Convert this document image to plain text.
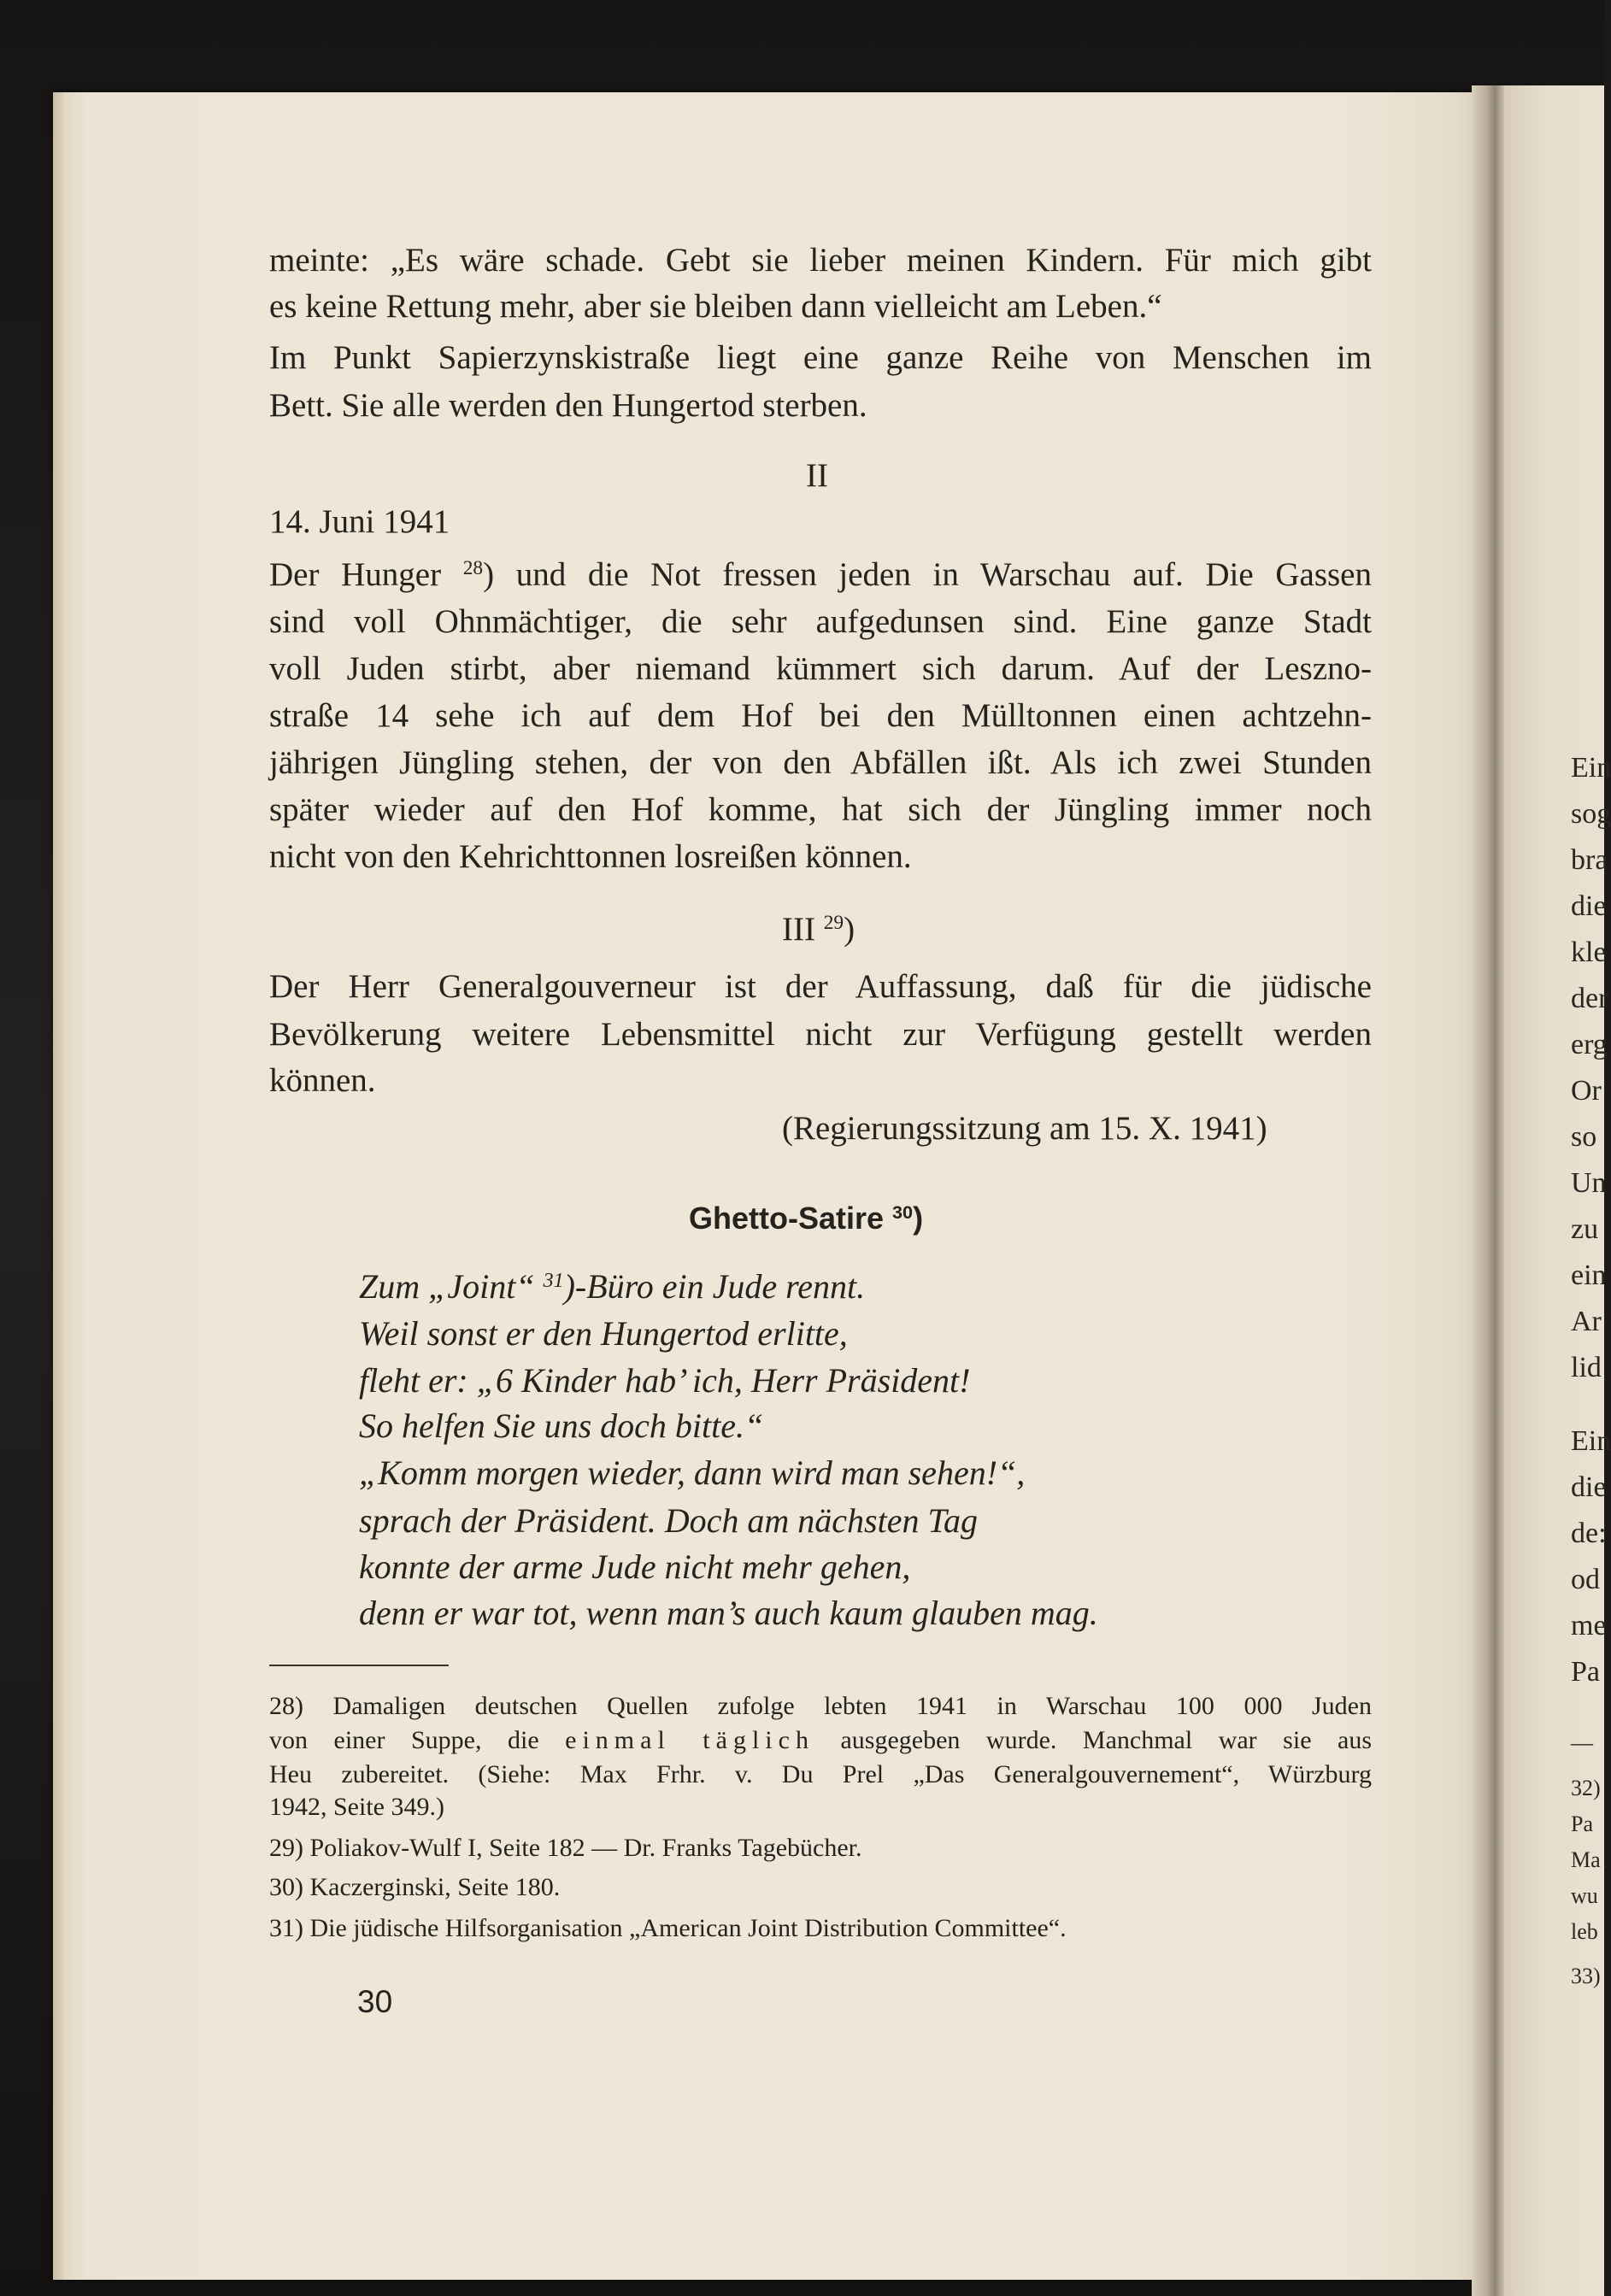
Ein
sog
bra
die
kle
der
erg
Or
so
Un
zu
ein
Ar
lid
Ein
die
de:
od
me
Pa
—
32)
Pa
Ma
wu
leb
33)
meinte: „Es wäre schade. Gebt sie lieber meinen Kindern. Für mich gibt
es keine Rettung mehr, aber sie bleiben dann vielleicht am Leben.“
Im Punkt Sapierzynskistraße liegt eine ganze Reihe von Menschen im
Bett. Sie alle werden den Hungertod sterben.
II
14. Juni 1941
Der Hunger $^{28}$) und die Not fressen jeden in Warschau auf. Die Gassen
sind voll Ohnmächtiger, die sehr aufgedunsen sind. Eine ganze Stadt
voll Juden stirbt, aber niemand kümmert sich darum. Auf der Leszno-
straße 14 sehe ich auf dem Hof bei den Mülltonnen einen achtzehn-
jährigen Jüngling stehen, der von den Abfällen ißt. Als ich zwei Stunden
später wieder auf den Hof komme, hat sich der Jüngling immer noch
nicht von den Kehrichttonnen losreißen können.
III $^{29}$)
Der Herr Generalgouverneur ist der Auffassung, daß für die jüdische
Bevölkerung weitere Lebensmittel nicht zur Verfügung gestellt werden
können.
(Regierungssitzung am 15. X. 1941)
Ghetto-Satire $^{30}$)
Zum „Joint“ $^{31}$)-Büro ein Jude rennt.
Weil sonst er den Hungertod erlitte,
fleht er: „6 Kinder hab’ ich, Herr Präsident!
So helfen Sie uns doch bitte.“
„Komm morgen wieder, dann wird man sehen!“,
sprach der Präsident. Doch am nächsten Tag
konnte der arme Jude nicht mehr gehen,
denn er war tot, wenn man’s auch kaum glauben mag.
28) Damaligen deutschen Quellen zufolge lebten 1941 in Warschau 100 000 Juden
von einer Suppe, die einmal täglich ausgegeben wurde. Manchmal war sie aus
Heu zubereitet. (Siehe: Max Frhr. v. Du Prel „Das Generalgouvernement“, Würzburg
1942, Seite 349.)
29) Poliakov-Wulf I, Seite 182 — Dr. Franks Tagebücher.
30) Kaczerginski, Seite 180.
31) Die jüdische Hilfsorganisation „American Joint Distribution Committee“.
30
